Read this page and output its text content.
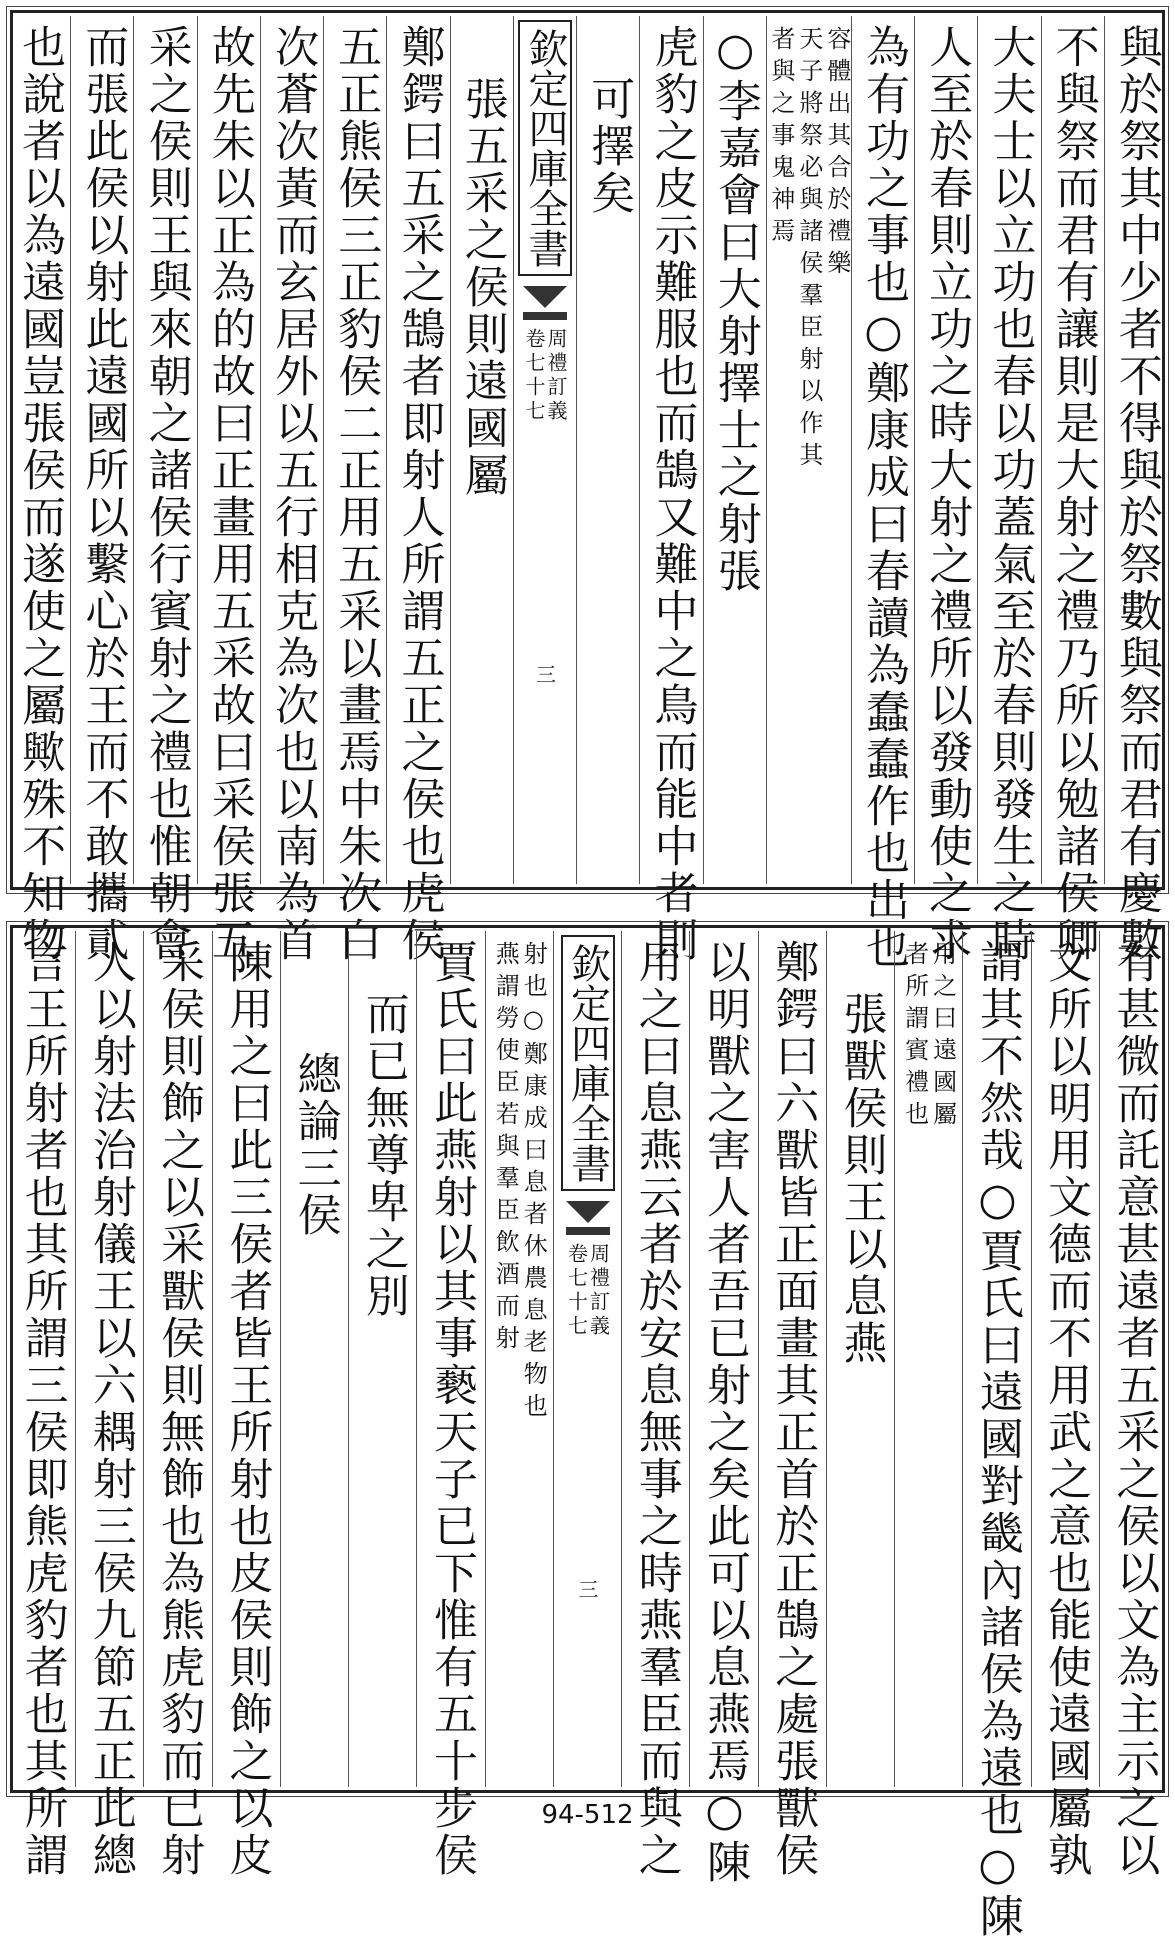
與於祭其中少者不得與於祭數與祭而君有慶數
不與祭而君有讓則是大射之禮乃所以勉諸侯卿
大夫士以立功也春以功蓋氣至於春則發生之時
人至於春則立功之時大射之禮所以發動使之求
為有功之事也○鄭康成曰春讀為蠢蠢作也出也
容體出其合於禮樂
天子將祭必與諸侯羣臣射以作其
者與之事鬼神焉
○李嘉會曰大射擇士之射張
虎豹之皮示難服也而鵠又難中之鳥而能中者則
可擇矣
欽定四庫全書
周禮訂義
卷七十七
三
張五采之侯則遠國屬
鄭鍔曰五采之鵠者即射人所謂五正之侯也虎侯
五正熊侯三正豹侯二正用五采以畫焉中朱次白
次蒼次黃而玄居外以五行相克為次也以南為首
故先朱以正為的故曰正畫用五采故曰采侯張五
采之侯則王與來朝之諸侯行賓射之禮也惟朝會
而張此侯以射此遠國所以繫心於王而不敢攜貳
也說者以為遠國豈張侯而遂使之屬歟殊不知物
有甚微而託意甚遠者五采之侯以文為主示之以
文所以明用文德而不用武之意也能使遠國屬孰
謂其不然哉○賈氏曰遠國對畿內諸侯為遠也○陳
用之曰遠國屬
者所謂賓禮也
張獸侯則王以息燕
鄭鍔曰六獸皆正面畫其正首於正鵠之處張獸侯
以明獸之害人者吾已射之矣此可以息燕焉○陳
用之曰息燕云者於安息無事之時燕羣臣而與之
欽定四庫全書
周禮訂義
卷七十七
三
射也○鄭康成曰息者休農息老物也
燕謂勞使臣若與羣臣飲酒而射
賈氏曰此燕射以其事褻天子已下惟有五十步侯
而已無尊卑之別
總論三侯
陳用之曰此三侯者皆王所射也皮侯則飾之以皮
采侯則飾之以采獸侯則無飾也為熊虎豹而已射
人以射法治射儀王以六耦射三侯九節五正此總
言王所射者也其所謂三侯即熊虎豹者也其所謂	94-512
